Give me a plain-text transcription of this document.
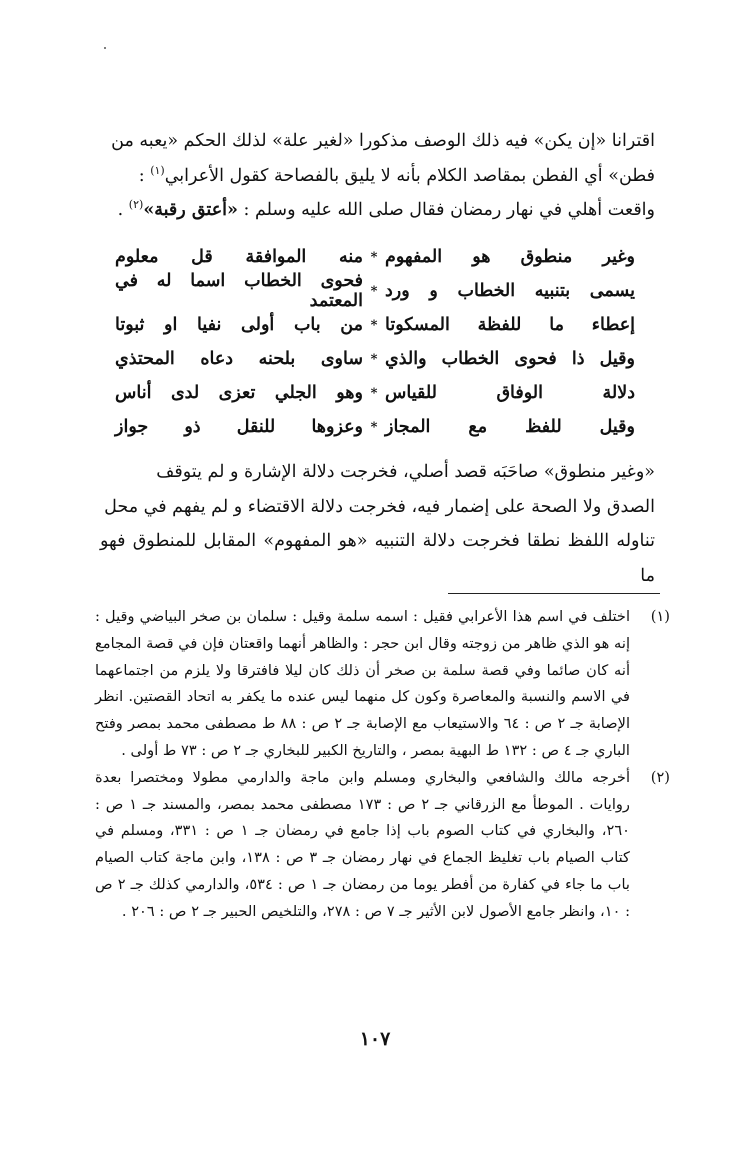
اقترانا «إن يكن» فيه ذلك الوصف مذكورا «لغير علة» لذلك الحكم «يعبه من

فطن» أي الفطن بمقاصد الكلام بأنه لا يليق بالفصاحة كقول الأعرابي$^{(١)}$ :

واقعت أهلي في نهار رمضان فقال صلى الله عليه وسلم : «أعتق رقبة»$^{(٢)}$ .

وغير منطوق هو المفهوم
*
منه الموافقة قل معلوم
يسمى بتنبيه الخطاب و ورد
*
فحوى الخطاب اسما له في المعتمد
إعطاء ما للفظة المسكوتا
*
من باب أولى نفيا او ثبوتا
وقيل ذا فحوى الخطاب والذي
*
ساوى بلحنه دعاه المحتذي
دلالة الوفاق للقياس
*
وهو الجلي تعزى لدى أناس
وقيل للفظ مع المجاز
*
وعزوها للنقل ذو جواز

«وغير منطوق» صاحَبَه قصد أصلي، فخرجت دلالة الإشارة و لم يتوقف

الصدق ولا الصحة على إضمار فيه، فخرجت دلالة الاقتضاء و لم يفهم في محل

تناوله اللفظ نطقا فخرجت دلالة التنبيه «هو المفهوم» المقابل للمنطوق فهو ما

(١)
اختلف في اسم هذا الأعرابي فقيل : اسمه سلمة وقيل : سلمان بن صخر البياضي وقيل : إنه هو الذي ظاهر من زوجته وقال ابن حجر : والظاهر أنهما واقعتان فإن في قصة المجامع أنه كان صائما وفي قصة سلمة بن صخر أن ذلك كان ليلا فافترقا ولا يلزم من اجتماعهما في الاسم والنسبة والمعاصرة وكون كل منهما ليس عنده ما يكفر به اتحاد القصتين. انظر الإصابة جـ ٢ ص : ٦٤ والاستيعاب مع الإصابة جـ ٢ ص : ٨٨ ط مصطفى محمد بمصر وفتح الباري جـ ٤ ص : ١٣٢ ط البهية بمصر ، والتاريخ الكبير للبخاري جـ ٢ ص : ٧٣ ط أولى .
(٢)
أخرجه مالك والشافعي والبخاري ومسلم وابن ماجة والدارمي مطولا ومختصرا بعدة روايات . الموطأ مع الزرقاني جـ ٢ ص : ١٧٣ مصطفى محمد بمصر، والمسند جـ ١ ص : ٢٦٠، والبخاري في كتاب الصوم باب إذا جامع في رمضان جـ ١ ص : ٣٣١، ومسلم في كتاب الصيام باب تغليظ الجماع في نهار رمضان جـ ٣ ص : ١٣٨، وابن ماجة كتاب الصيام باب ما جاء في كفارة من أفطر يوما من رمضان جـ ١ ص : ٥٣٤، والدارمي كذلك جـ ٢ ص : ١٠، وانظر جامع الأصول لابن الأثير جـ ٧ ص : ٢٧٨، والتلخيص الحبير جـ ٢ ص : ٢٠٦ .
١٠٧
